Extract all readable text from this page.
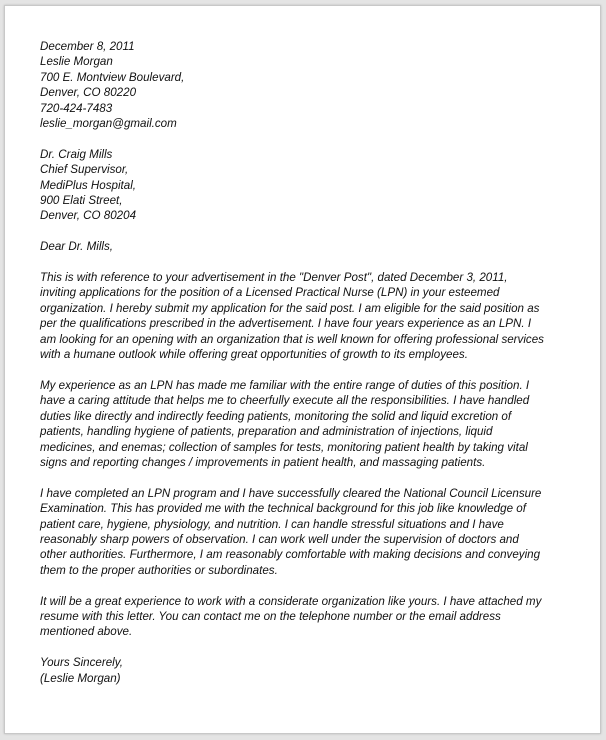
December 8, 2011
Leslie Morgan
700 E. Montview Boulevard,
Denver, CO 80220
720-424-7483
leslie_morgan@gmail.com
Dr. Craig Mills
Chief Supervisor,
MediPlus Hospital,
900 Elati Street,
Denver, CO 80204
Dear Dr. Mills,
This is with reference to your advertisement in the "Denver Post", dated December 3, 2011,
inviting applications for the position of a Licensed Practical Nurse (LPN) in your esteemed
organization. I hereby submit my application for the said post. I am eligible for the said position as
per the qualifications prescribed in the advertisement. I have four years experience as an LPN. I
am looking for an opening with an organization that is well known for offering professional services
with a humane outlook while offering great opportunities of growth to its employees.
My experience as an LPN has made me familiar with the entire range of duties of this position. I
have a caring attitude that helps me to cheerfully execute all the responsibilities. I have handled
duties like directly and indirectly feeding patients, monitoring the solid and liquid excretion of
patients, handling hygiene of patients, preparation and administration of injections, liquid
medicines, and enemas; collection of samples for tests, monitoring patient health by taking vital
signs and reporting changes / improvements in patient health, and massaging patients.
I have completed an LPN program and I have successfully cleared the National Council Licensure
Examination. This has provided me with the technical background for this job like knowledge of
patient care, hygiene, physiology, and nutrition. I can handle stressful situations and I have
reasonably sharp powers of observation. I can work well under the supervision of doctors and
other authorities. Furthermore, I am reasonably comfortable with making decisions and conveying
them to the proper authorities or subordinates.
It will be a great experience to work with a considerate organization like yours. I have attached my
resume with this letter. You can contact me on the telephone number or the email address
mentioned above.
Yours Sincerely,
(Leslie Morgan)
